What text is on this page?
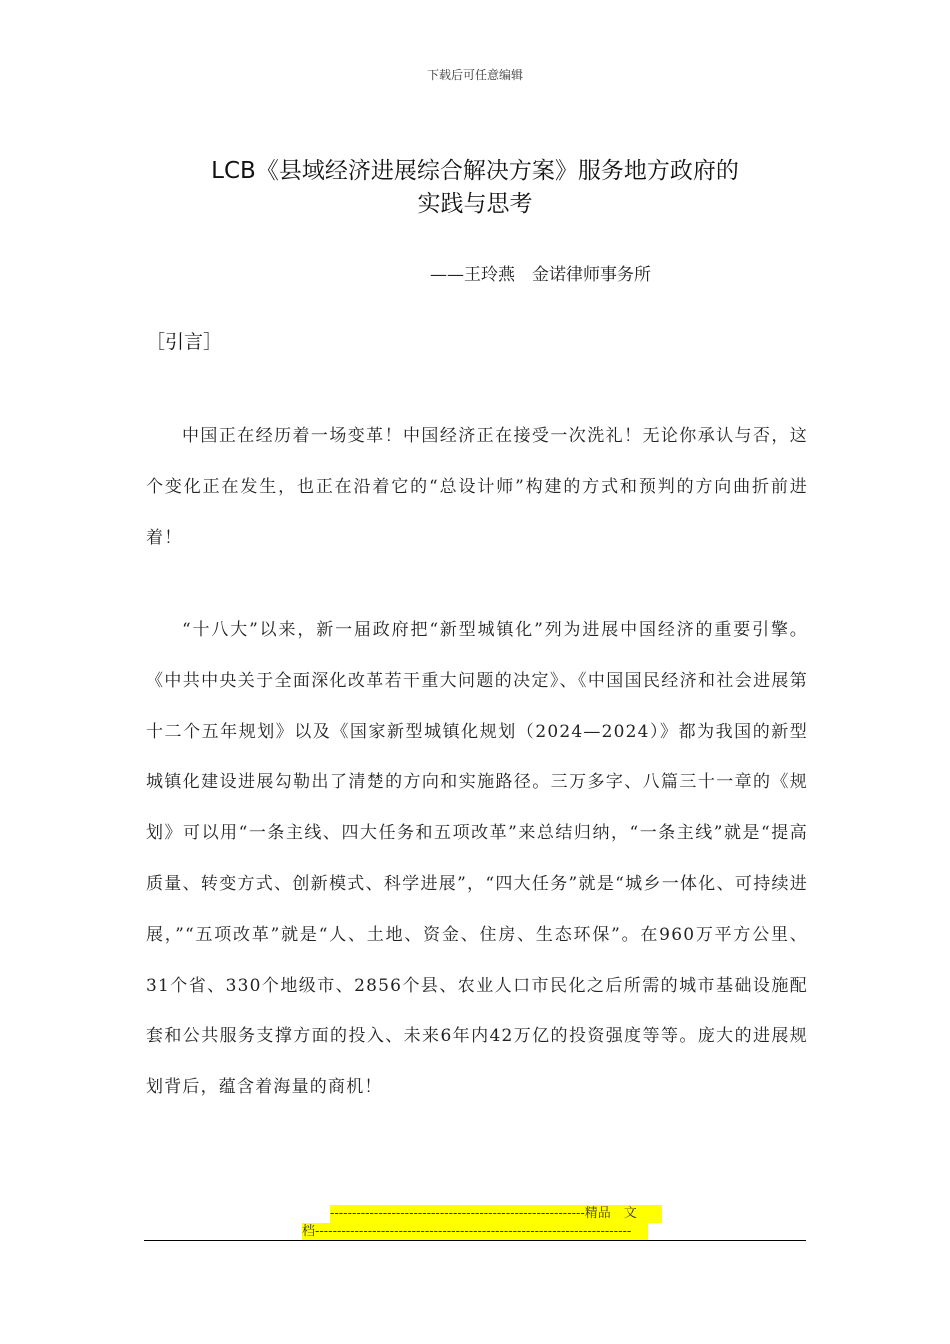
下载后可任意编辑
LCB《县域经济进展综合解决方案》服务地方政府的
实践与思考
——王玲燕　金诺律师事务所
［引言］

中国正在经历着一场变革！中国经济正在接受一次洗礼！无论你承认与否，这个变化正在发生，也正在沿着它的“总设计师”构建的方式和预判的方向曲折前进着！

“十八大”以来，新一届政府把“新型城镇化”列为进展中国经济的重要引擎。《中共中央关于全面深化改革若干重大问题的决定》、《中国国民经济和社会进展第十二个五年规划》以及《国家新型城镇化规划（2024—2024）》都为我国的新型城镇化建设进展勾勒出了清楚的方向和实施路径。三万多字、八篇三十一章的《规划》可以用“一条主线、四大任务和五项改革”来总结归纳，“一条主线”就是“提高质量、转变方式、创新模式、科学进展”，“四大任务”就是“城乡一体化、可持续进展，”“五项改革”就是“人、土地、资金、住房、生态环保”。在960万平方公里、31个省、330个地级市、2856个县、农业人口市民化之后所需的城市基础设施配套和公共服务支撑方面的投入、未来6年内42万亿的投资强度等等。庞大的进展规划背后，蕴含着海量的商机！

----------------------------------------------------------精品　文
档------------------------------------------------------------------------
